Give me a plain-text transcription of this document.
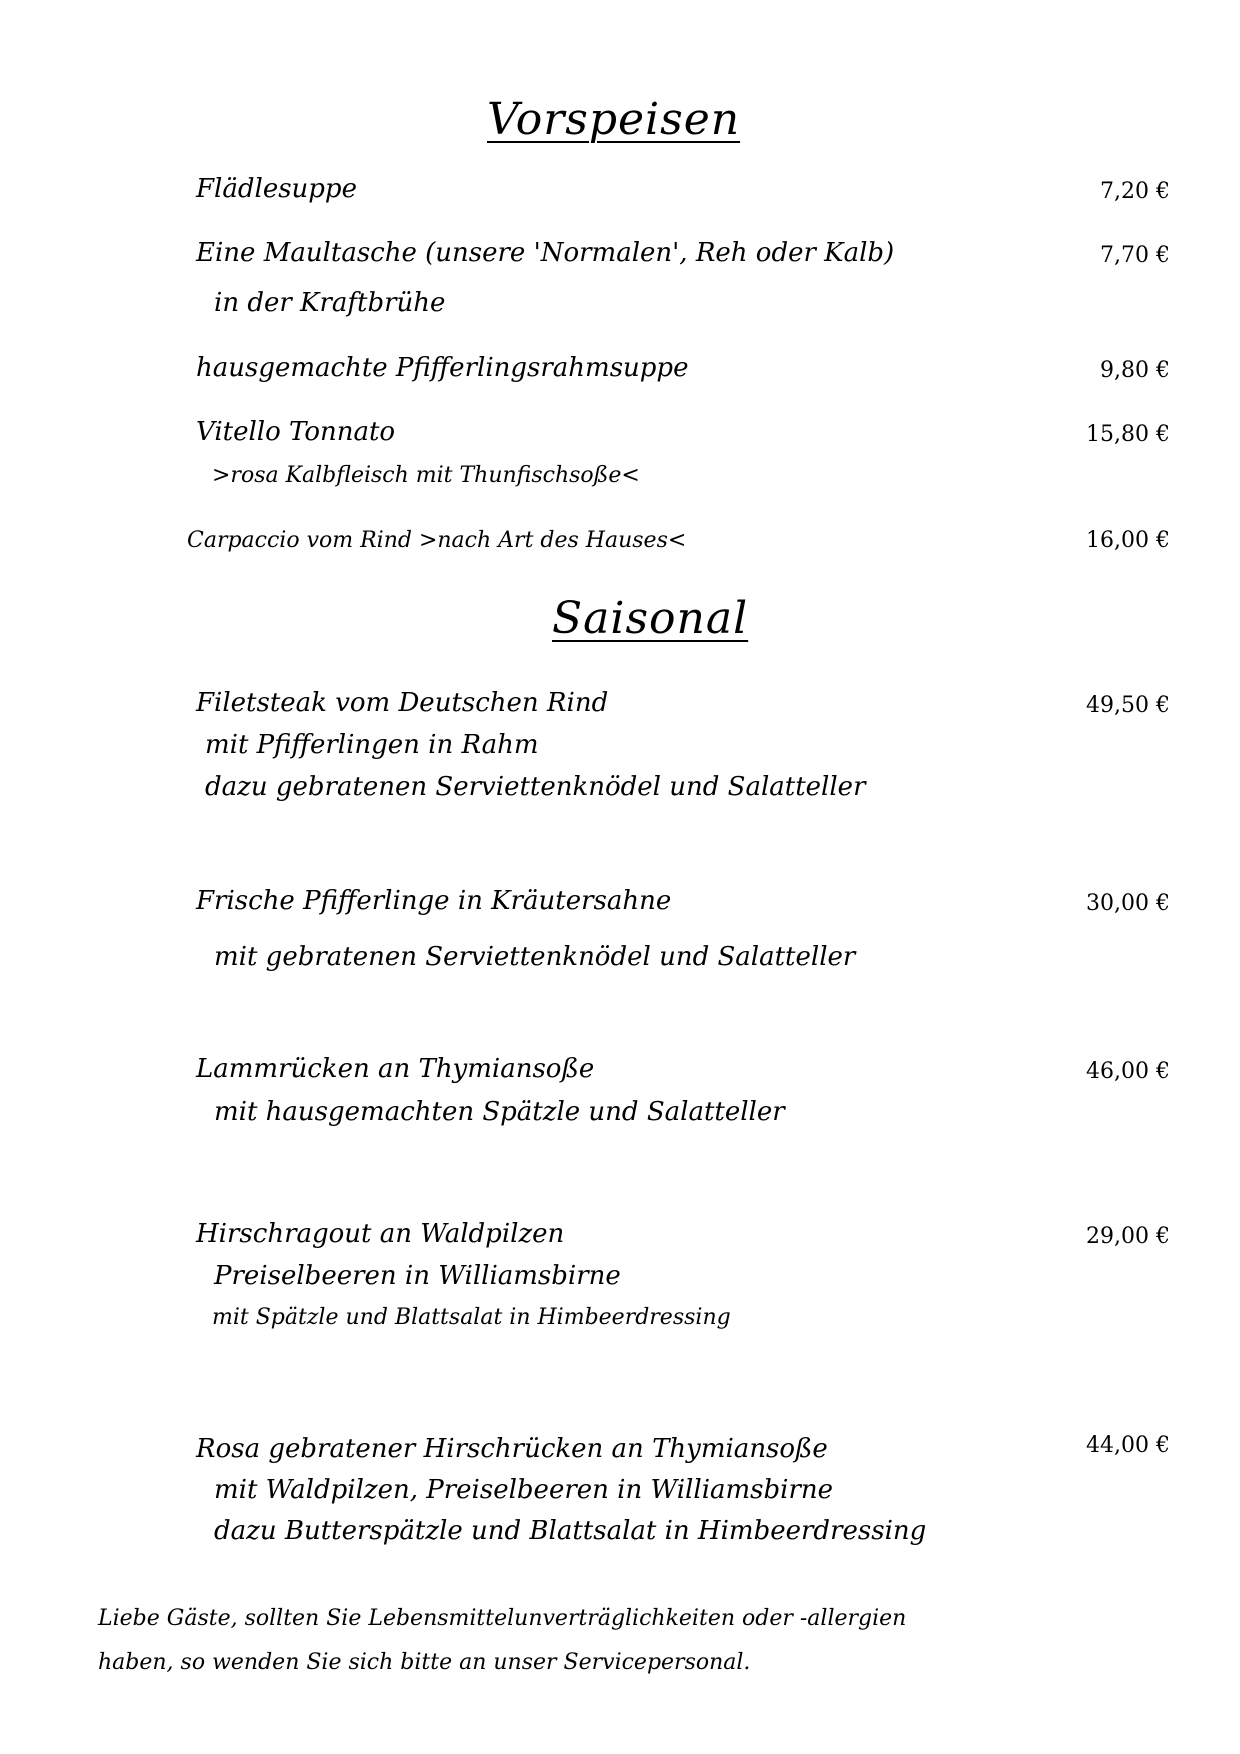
Vorspeisen
Flädlesuppe	7,20 €
Eine Maultasche (unsere 'Normalen', Reh oder Kalb)	7,70 €
in der Kraftbrühe
hausgemachte Pfifferlingsrahmsuppe	9,80 €
Vitello Tonnato	15,80 €
>rosa Kalbfleisch mit Thunfischsoße<
Carpaccio vom Rind >nach Art des Hauses<	16,00 €
Saisonal
Filetsteak vom Deutschen Rind	49,50 €
mit Pfifferlingen in Rahm
dazu gebratenen Serviettenknödel und Salatteller
Frische Pfifferlinge in Kräutersahne	30,00 €
mit gebratenen Serviettenknödel und Salatteller
Lammrücken an Thymiansoße	46,00 €
mit hausgemachten Spätzle und Salatteller
Hirschragout an Waldpilzen	29,00 €
Preiselbeeren in Williamsbirne
mit Spätzle und Blattsalat in Himbeerdressing
Rosa gebratener Hirschrücken an Thymiansoße	44,00 €
mit Waldpilzen, Preiselbeeren in Williamsbirne
dazu Butterspätzle und Blattsalat in Himbeerdressing
Liebe Gäste, sollten Sie Lebensmittelunverträglichkeiten oder -allergien
haben, so wenden Sie sich bitte an unser Servicepersonal.
